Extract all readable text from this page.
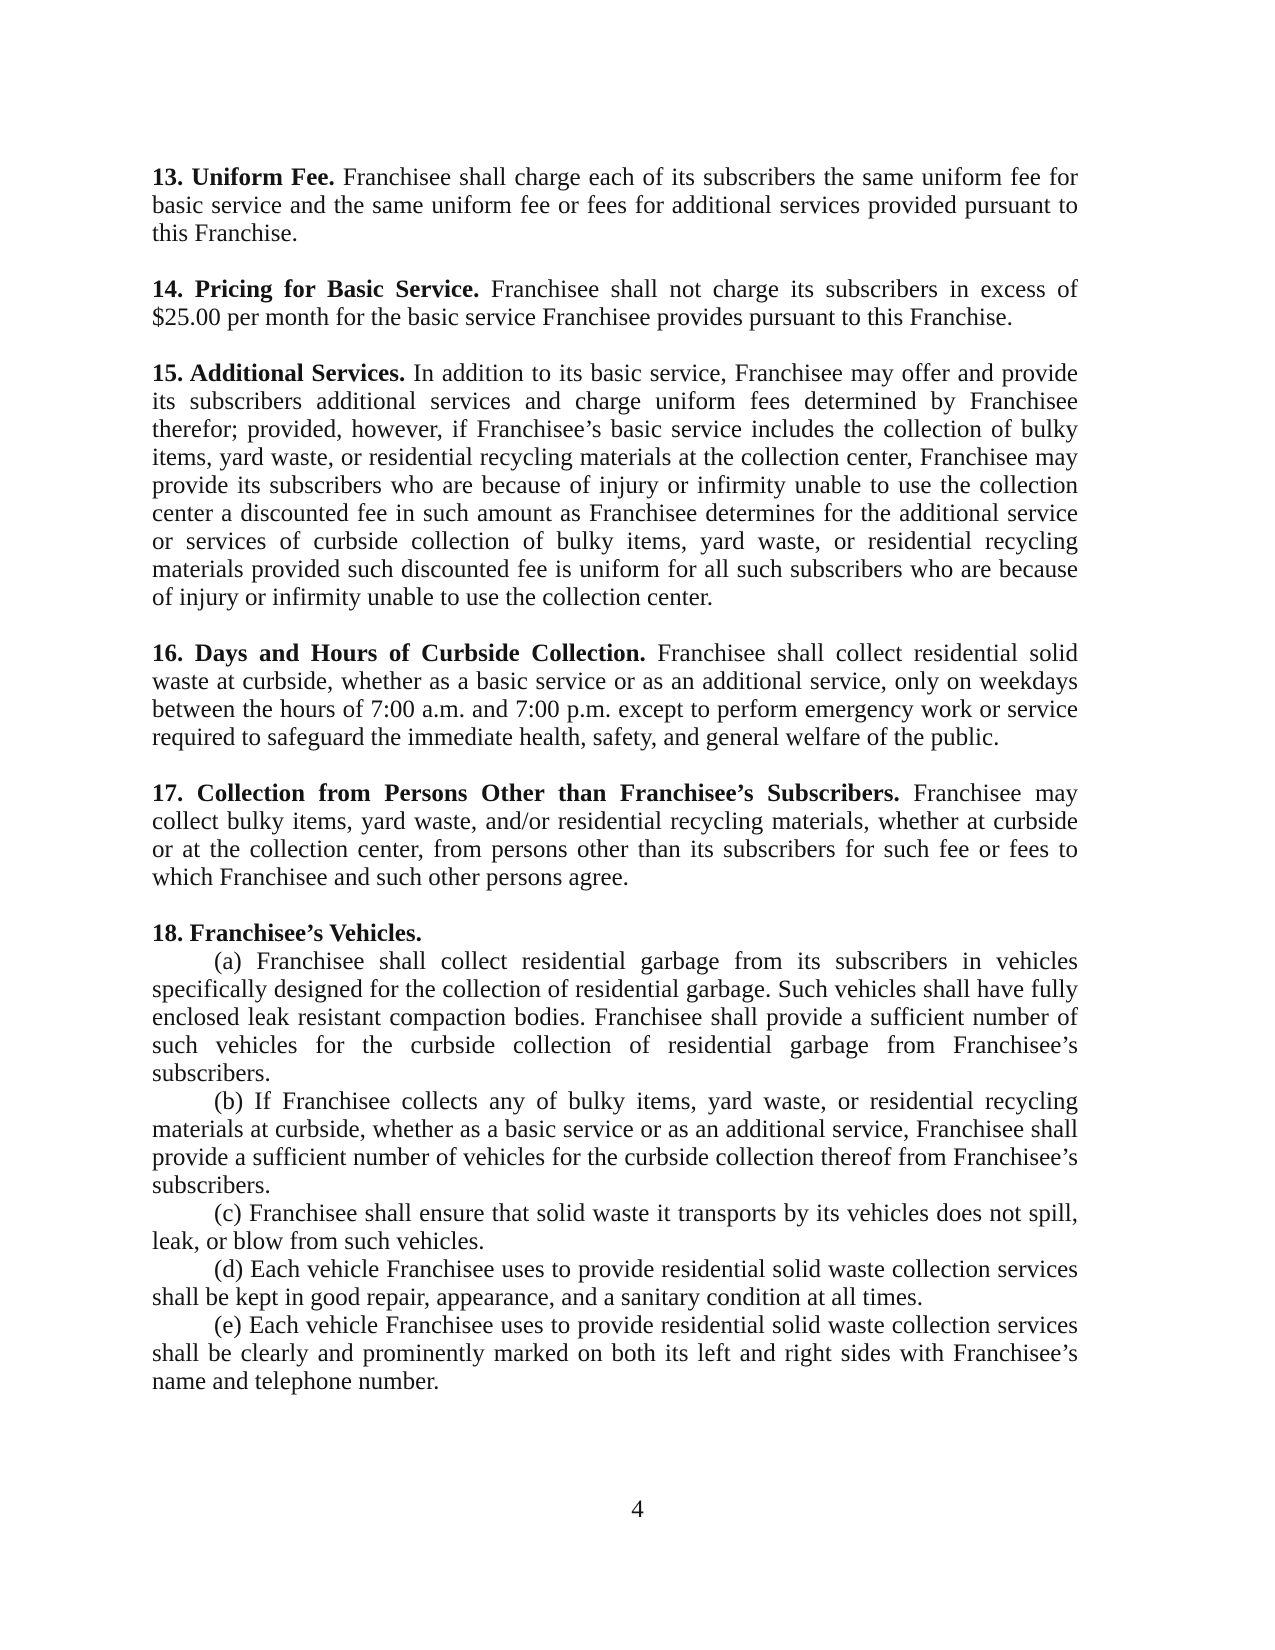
13. Uniform Fee. Franchisee shall charge each of its subscribers the same uniform fee for basic service and the same uniform fee or fees for additional services provided pursuant to this Franchise.

14. Pricing for Basic Service. Franchisee shall not charge its subscribers in excess of $25.00 per month for the basic service Franchisee provides pursuant to this Franchise.

15. Additional Services. In addition to its basic service, Franchisee may offer and provide its subscribers additional services and charge uniform fees determined by Franchisee therefor; provided, however, if Franchisee’s basic service includes the collection of bulky items, yard waste, or residential recycling materials at the collection center, Franchisee may provide its subscribers who are because of injury or infirmity unable to use the collection center a discounted fee in such amount as Franchisee determines for the additional service or services of curbside collection of bulky items, yard waste, or residential recycling materials provided such discounted fee is uniform for all such subscribers who are because of injury or infirmity unable to use the collection center.

16. Days and Hours of Curbside Collection. Franchisee shall collect residential solid waste at curbside, whether as a basic service or as an additional service, only on weekdays between the hours of 7:00 a.m. and 7:00 p.m. except to perform emergency work or service required to safeguard the immediate health, safety, and general welfare of the public.

17. Collection from Persons Other than Franchisee’s Subscribers. Franchisee may collect bulky items, yard waste, and/or residential recycling materials, whether at curbside or at the collection center, from persons other than its subscribers for such fee or fees to which Franchisee and such other persons agree.

18. Franchisee’s Vehicles.

(a) Franchisee shall collect residential garbage from its subscribers in vehicles specifically designed for the collection of residential garbage. Such vehicles shall have fully enclosed leak resistant compaction bodies. Franchisee shall provide a sufficient number of such vehicles for the curbside collection of residential garbage from Franchisee’s subscribers.

(b) If Franchisee collects any of bulky items, yard waste, or residential recycling materials at curbside, whether as a basic service or as an additional service, Franchisee shall provide a sufficient number of vehicles for the curbside collection thereof from Franchisee’s subscribers.

(c) Franchisee shall ensure that solid waste it transports by its vehicles does not spill, leak, or blow from such vehicles.

(d) Each vehicle Franchisee uses to provide residential solid waste collection services shall be kept in good repair, appearance, and a sanitary condition at all times.

(e) Each vehicle Franchisee uses to provide residential solid waste collection services shall be clearly and prominently marked on both its left and right sides with Franchisee’s name and telephone number.

4
